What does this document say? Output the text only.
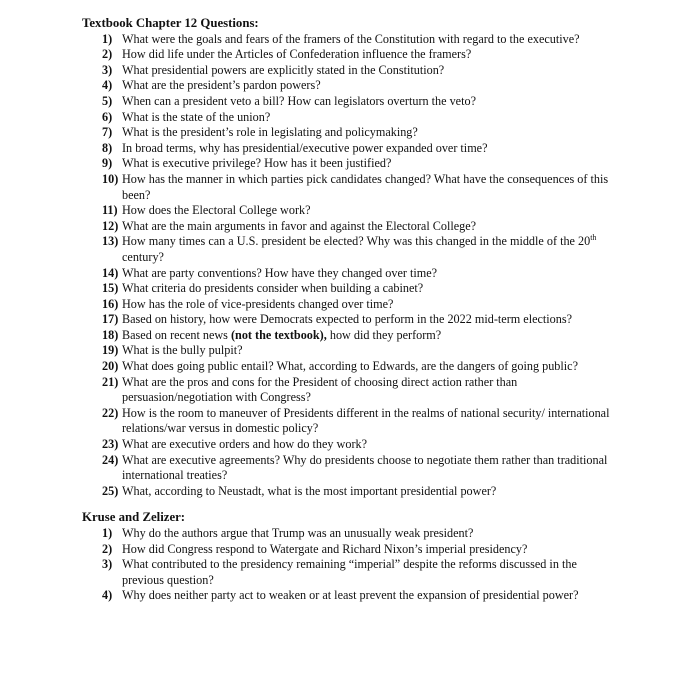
Textbook Chapter 12 Questions:
1) What were the goals and fears of the framers of the Constitution with regard to the executive?
2) How did life under the Articles of Confederation influence the framers?
3) What presidential powers are explicitly stated in the Constitution?
4) What are the president’s pardon powers?
5) When can a president veto a bill? How can legislators overturn the veto?
6) What is the state of the union?
7) What is the president’s role in legislating and policymaking?
8) In broad terms, why has presidential/executive power expanded over time?
9) What is executive privilege? How has it been justified?
10) How has the manner in which parties pick candidates changed? What have the consequences of this been?
11) How does the Electoral College work?
12) What are the main arguments in favor and against the Electoral College?
13) How many times can a U.S. president be elected? Why was this changed in the middle of the 20th century?
14) What are party conventions? How have they changed over time?
15) What criteria do presidents consider when building a cabinet?
16) How has the role of vice-presidents changed over time?
17) Based on history, how were Democrats expected to perform in the 2022 mid-term elections?
18) Based on recent news (not the textbook), how did they perform?
19) What is the bully pulpit?
20) What does going public entail? What, according to Edwards, are the dangers of going public?
21) What are the pros and cons for the President of choosing direct action rather than persuasion/negotiation with Congress?
22) How is the room to maneuver of Presidents different in the realms of national security/ international relations/war versus in domestic policy?
23) What are executive orders and how do they work?
24) What are executive agreements? Why do presidents choose to negotiate them rather than traditional international treaties?
25) What, according to Neustadt, what is the most important presidential power?
Kruse and Zelizer:
1) Why do the authors argue that Trump was an unusually weak president?
2) How did Congress respond to Watergate and Richard Nixon’s imperial presidency?
3) What contributed to the presidency remaining “imperial” despite the reforms discussed in the previous question?
4) Why does neither party act to weaken or at least prevent the expansion of presidential power?
